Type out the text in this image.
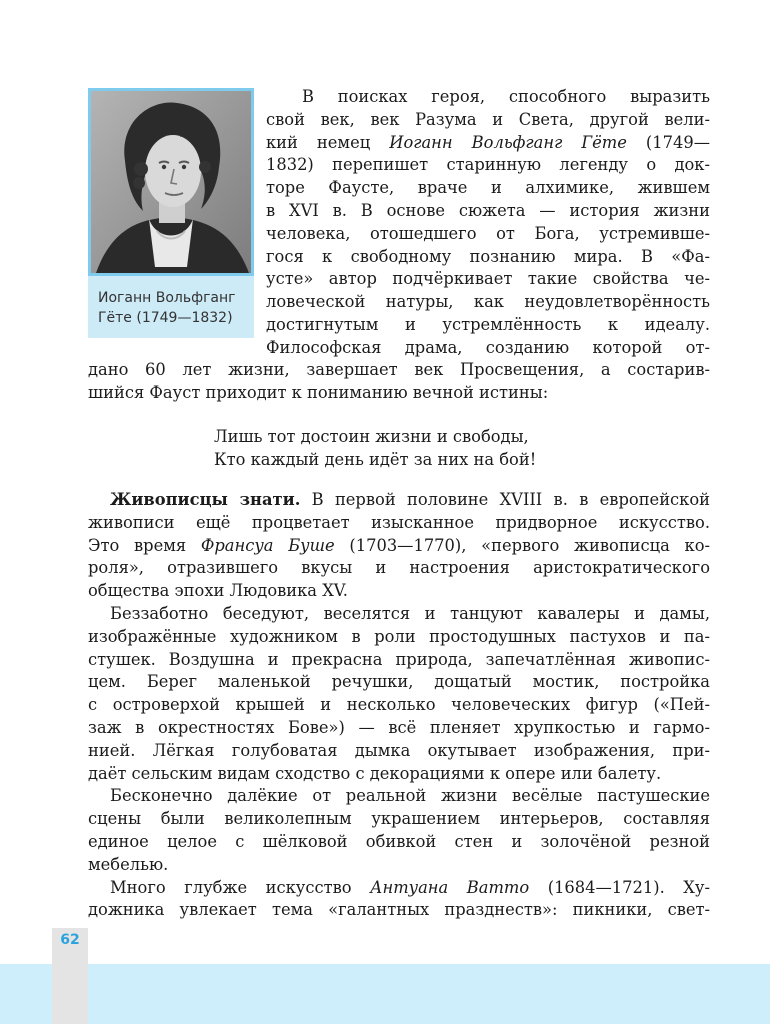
Иоганн Вольфганг
Гёте (1749—1832)
В поисках героя, способного выразить
свой век, век Разума и Света, другой вели-
кий немец Иоганн Вольфганг Гёте (1749—
1832) перепишет старинную легенду о док-
торе Фаусте, враче и алхимике, жившем
в XVI в. В основе сюжета — история жизни
человека, отошедшего от Бога, устремивше-
гося к свободному познанию мира. В «Фа-
усте» автор подчёркивает такие свойства че-
ловеческой натуры, как неудовлетворённость
достигнутым и устремлённость к идеалу.
Философская драма, созданию которой от-
дано 60 лет жизни, завершает век Просвещения, а состарив-
шийся Фауст приходит к пониманию вечной истины:
Лишь тот достоин жизни и свободы,
Кто каждый день идёт за них на бой!
Живописцы знати. В первой половине XVIII в. в европейской
живописи ещё процветает изысканное придворное искусство.
Это время Франсуа Буше (1703—1770), «первого живописца ко-
роля», отразившего вкусы и настроения аристократического
общества эпохи Людовика XV.
Беззаботно беседуют, веселятся и танцуют кавалеры и дамы,
изображённые художником в роли простодушных пастухов и па-
стушек. Воздушна и прекрасна природа, запечатлённая живопис-
цем. Берег маленькой речушки, дощатый мостик, постройка
с островерхой крышей и несколько человеческих фигур («Пей-
заж в окрестностях Бове») — всё пленяет хрупкостью и гармо-
нией. Лёгкая голубоватая дымка окутывает изображения, при-
даёт сельским видам сходство с декорациями к опере или балету.
Бесконечно далёкие от реальной жизни весёлые пастушеские
сцены были великолепным украшением интерьеров, составляя
единое целое с шёлковой обивкой стен и золочёной резной
мебелью.
Много глубже искусство Антуана Ватто (1684—1721). Ху-
дожника увлекает тема «галантных празднеств»: пикники, свет-
62
